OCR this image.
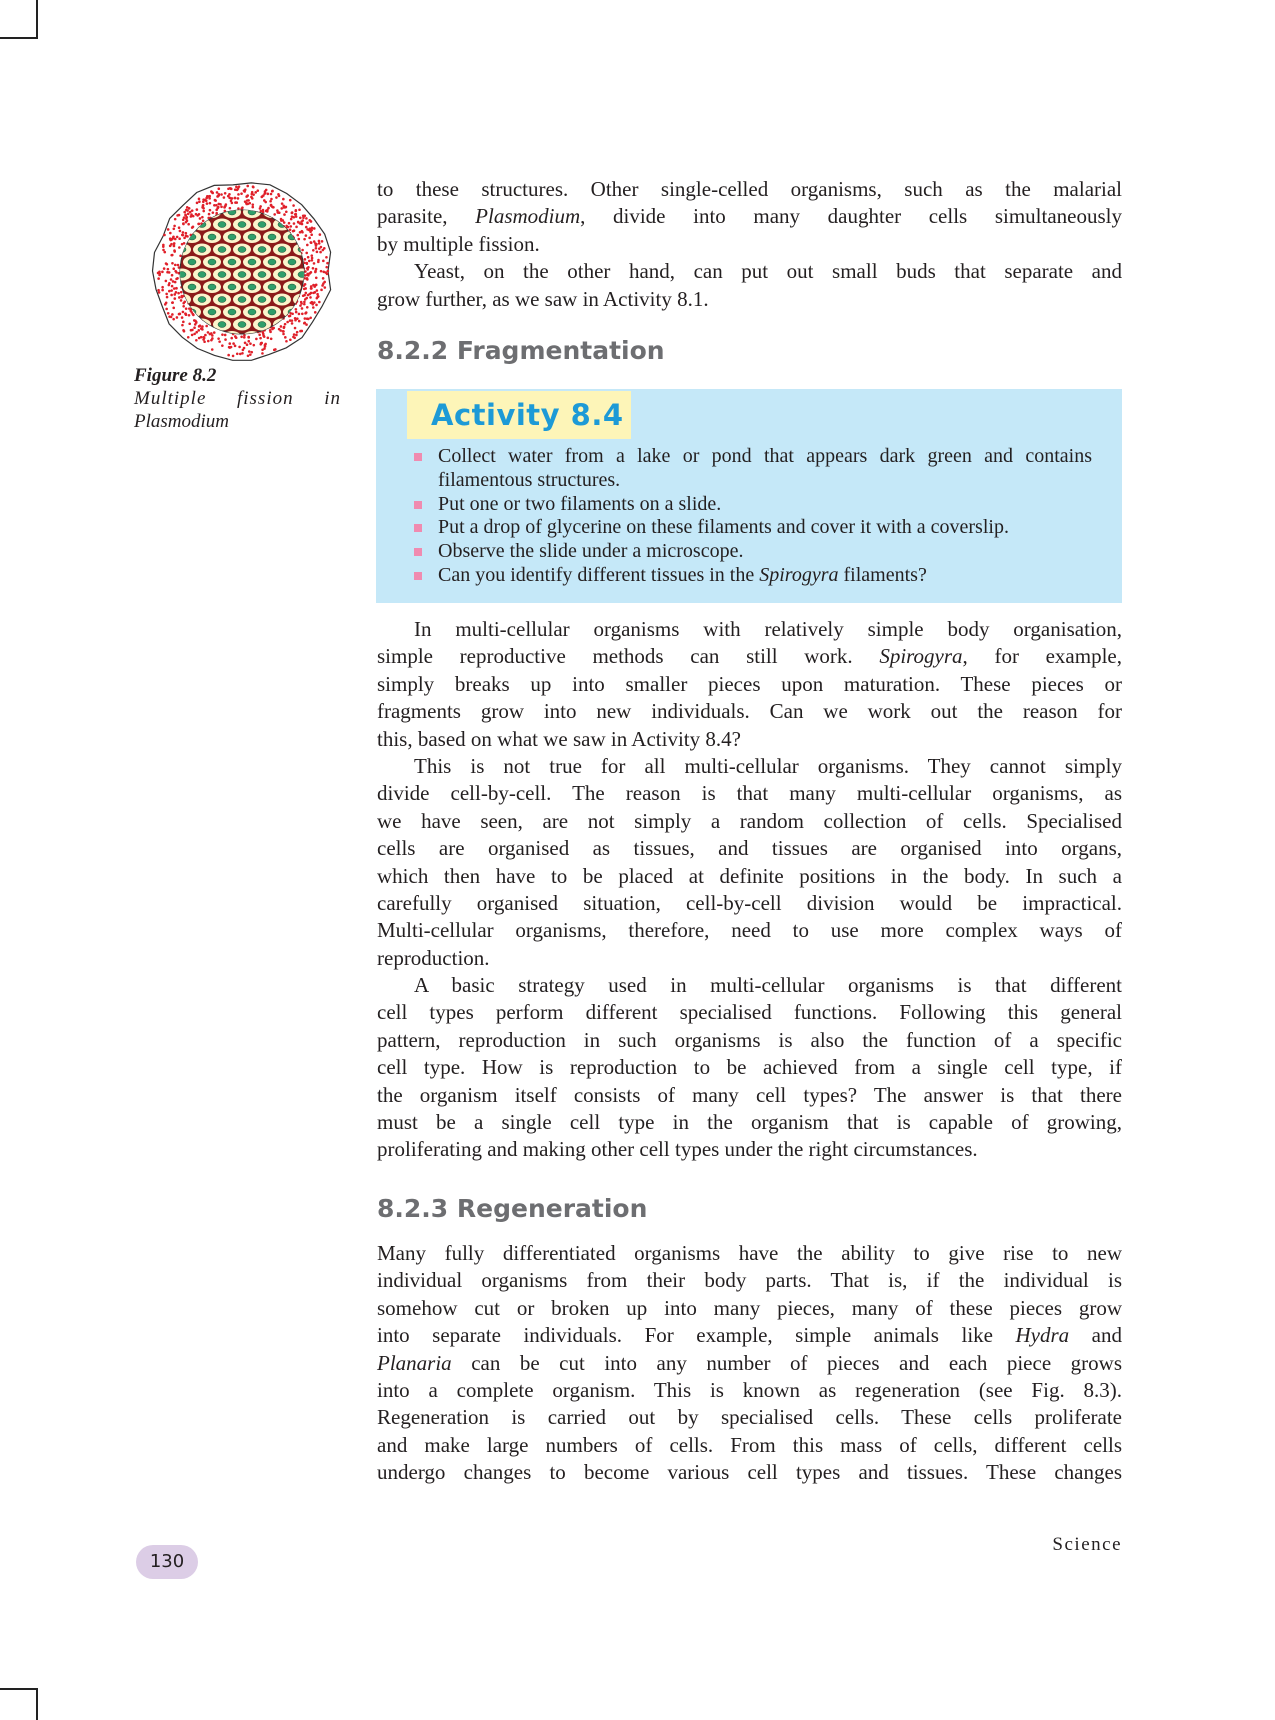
Figure 8.2
Multiple fission in
Plasmodium
to these structures. Other single-celled organisms, such as the malarial
parasite, Plasmodium, divide into many daughter cells simultaneously
by multiple fission.
Yeast, on the other hand, can put out small buds that separate and
grow further, as we saw in Activity 8.1.
8.2.2 Fragmentation
Activity 8.4
Collect water from a lake or pond that appears dark green and contains filamentous structures.
Put one or two filaments on a slide.
Put a drop of glycerine on these filaments and cover it with a coverslip.
Observe the slide under a microscope.
Can you identify different tissues in the Spirogyra filaments?
In multi-cellular organisms with relatively simple body organisation,
simple reproductive methods can still work. Spirogyra, for example,
simply breaks up into smaller pieces upon maturation. These pieces or
fragments grow into new individuals. Can we work out the reason for
this, based on what we saw in Activity 8.4?
This is not true for all multi-cellular organisms. They cannot simply
divide cell-by-cell. The reason is that many multi-cellular organisms, as
we have seen, are not simply a random collection of cells. Specialised
cells are organised as tissues, and tissues are organised into organs,
which then have to be placed at definite positions in the body. In such a
carefully organised situation, cell-by-cell division would be impractical.
Multi-cellular organisms, therefore, need to use more complex ways of
reproduction.
A basic strategy used in multi-cellular organisms is that different
cell types perform different specialised functions. Following this general
pattern, reproduction in such organisms is also the function of a specific
cell type. How is reproduction to be achieved from a single cell type, if
the organism itself consists of many cell types? The answer is that there
must be a single cell type in the organism that is capable of growing,
proliferating and making other cell types under the right circumstances.
8.2.3 Regeneration
Many fully differentiated organisms have the ability to give rise to new
individual organisms from their body parts. That is, if the individual is
somehow cut or broken up into many pieces, many of these pieces grow
into separate individuals. For example, simple animals like Hydra and
Planaria can be cut into any number of pieces and each piece grows
into a complete organism. This is known as regeneration (see Fig. 8.3).
Regeneration is carried out by specialised cells. These cells proliferate
and make large numbers of cells. From this mass of cells, different cells
undergo changes to become various cell types and tissues. These changes
130
Science
